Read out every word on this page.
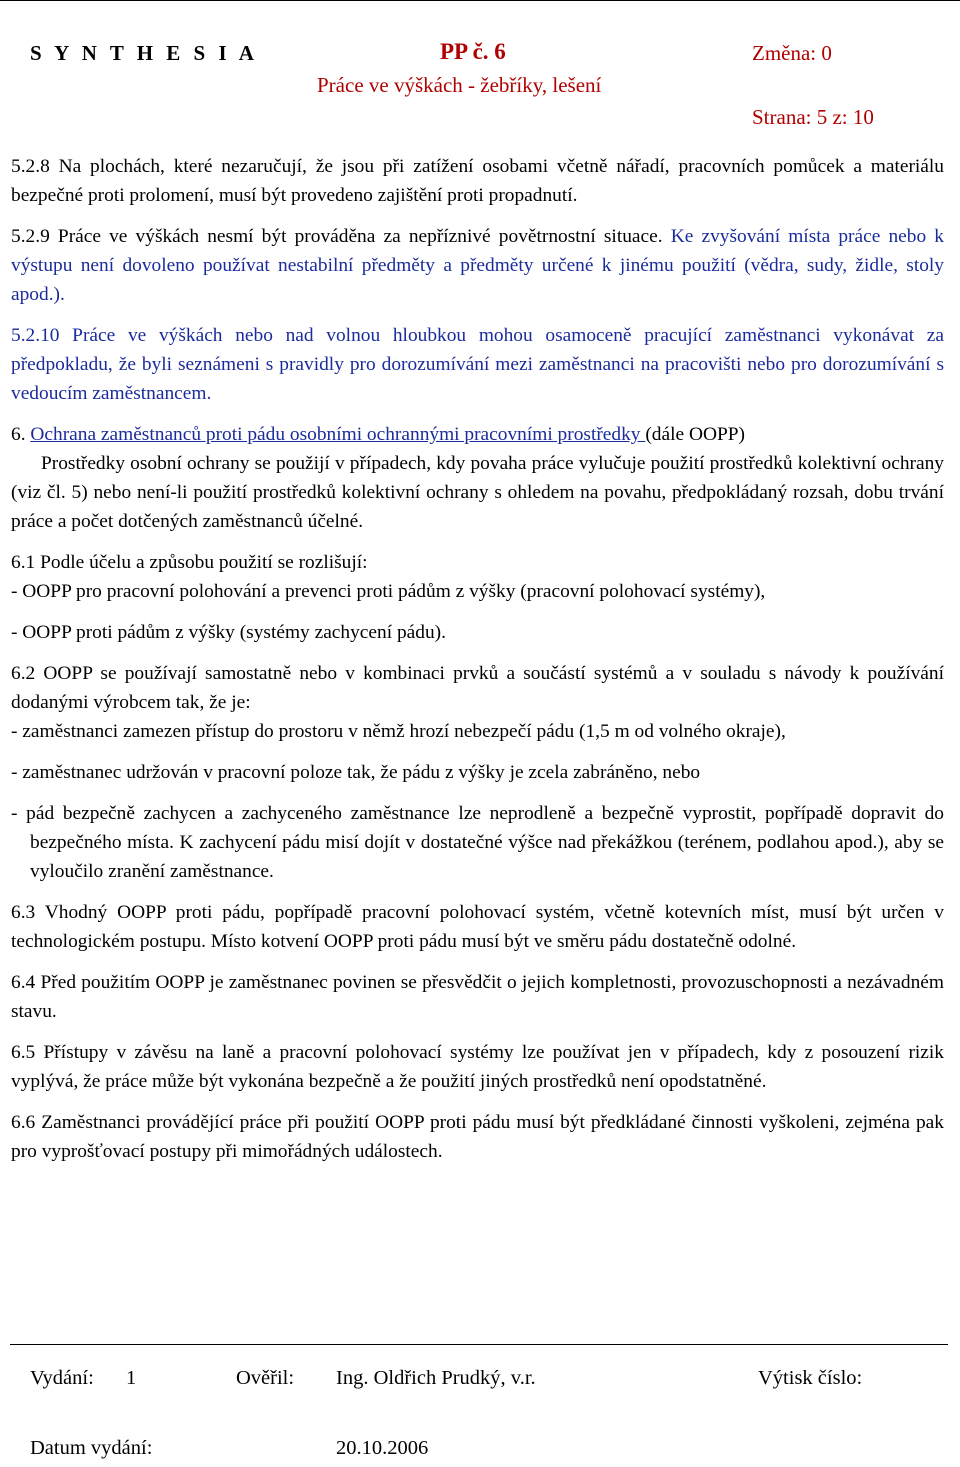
S Y N T H E S I A	PP č. 6
Práce ve výškách - žebříky, lešení
Změna: 0
Strana: 5 z: 10

5.2.8 Na plochách, které nezaručují, že jsou při zatížení osobami včetně nářadí, pracovních pomůcek a materiálu bezpečné proti prolomení, musí být provedeno zajištění proti propadnutí.

5.2.9 Práce ve výškách nesmí být prováděna za nepříznivé povětrnostní situace. Ke zvyšování místa práce nebo k výstupu není dovoleno používat nestabilní předměty a předměty určené k jinému použití (vědra, sudy, židle, stoly apod.).

5.2.10 Práce ve výškách nebo nad volnou hloubkou mohou osamoceně pracující zaměstnanci vykonávat za předpokladu, že byli seznámeni s pravidly pro dorozumívání mezi zaměstnanci na pracovišti nebo pro dorozumívání s vedoucím zaměstnancem.

6. Ochrana zaměstnanců proti pádu osobními ochrannými pracovními prostředky (dále OOPP)

Prostředky osobní ochrany se použijí v případech, kdy povaha práce vylučuje použití prostředků kolektivní ochrany (viz čl. 5) nebo není-li použití prostředků kolektivní ochrany s ohledem na povahu, předpokládaný rozsah, dobu trvání práce a počet dotčených zaměstnanců účelné.

6.1 Podle účelu a způsobu použití se rozlišují:

- OOPP pro pracovní polohování a prevenci proti pádům z výšky (pracovní polohovací systémy),

- OOPP proti pádům z výšky (systémy zachycení pádu).

6.2 OOPP se používají samostatně nebo v kombinaci prvků a součástí systémů a v souladu s návody k používání dodanými výrobcem tak, že je:

- zaměstnanci zamezen přístup do prostoru v němž hrozí nebezpečí pádu (1,5 m od volného okraje),

- zaměstnanec udržován v pracovní poloze tak, že pádu z výšky je zcela zabráněno, nebo

- pád bezpečně zachycen a zachyceného zaměstnance lze neprodleně a bezpečně vyprostit, popřípadě dopravit do bezpečného místa. K zachycení pádu misí dojít v dostatečné výšce nad překážkou (terénem, podlahou apod.), aby se vyloučilo zranění zaměstnance.

6.3 Vhodný OOPP proti pádu, popřípadě pracovní polohovací systém, včetně kotevních míst, musí být určen v technologickém postupu. Místo kotvení OOPP proti pádu musí být ve směru pádu dostatečně odolné.

6.4 Před použitím OOPP je zaměstnanec povinen se přesvědčit o jejich kompletnosti, provozuschopnosti a nezávadném stavu.

6.5 Přístupy v závěsu na laně a pracovní polohovací systémy lze používat jen v případech, kdy z posouzení rizik vyplývá, že práce může být vykonána bezpečně a že použití jiných prostředků není opodstatněné.

6.6 Zaměstnanci provádějící práce při použití OOPP proti pádu musí být předkládané činnosti vyškoleni, zejména pak pro vyprošťovací postupy při mimořádných událostech.

Vydání: 1	Ověřil: Ing. Oldřich Prudký, v.r.	Výtisk číslo:
Datum vydání:	20.10.2006
